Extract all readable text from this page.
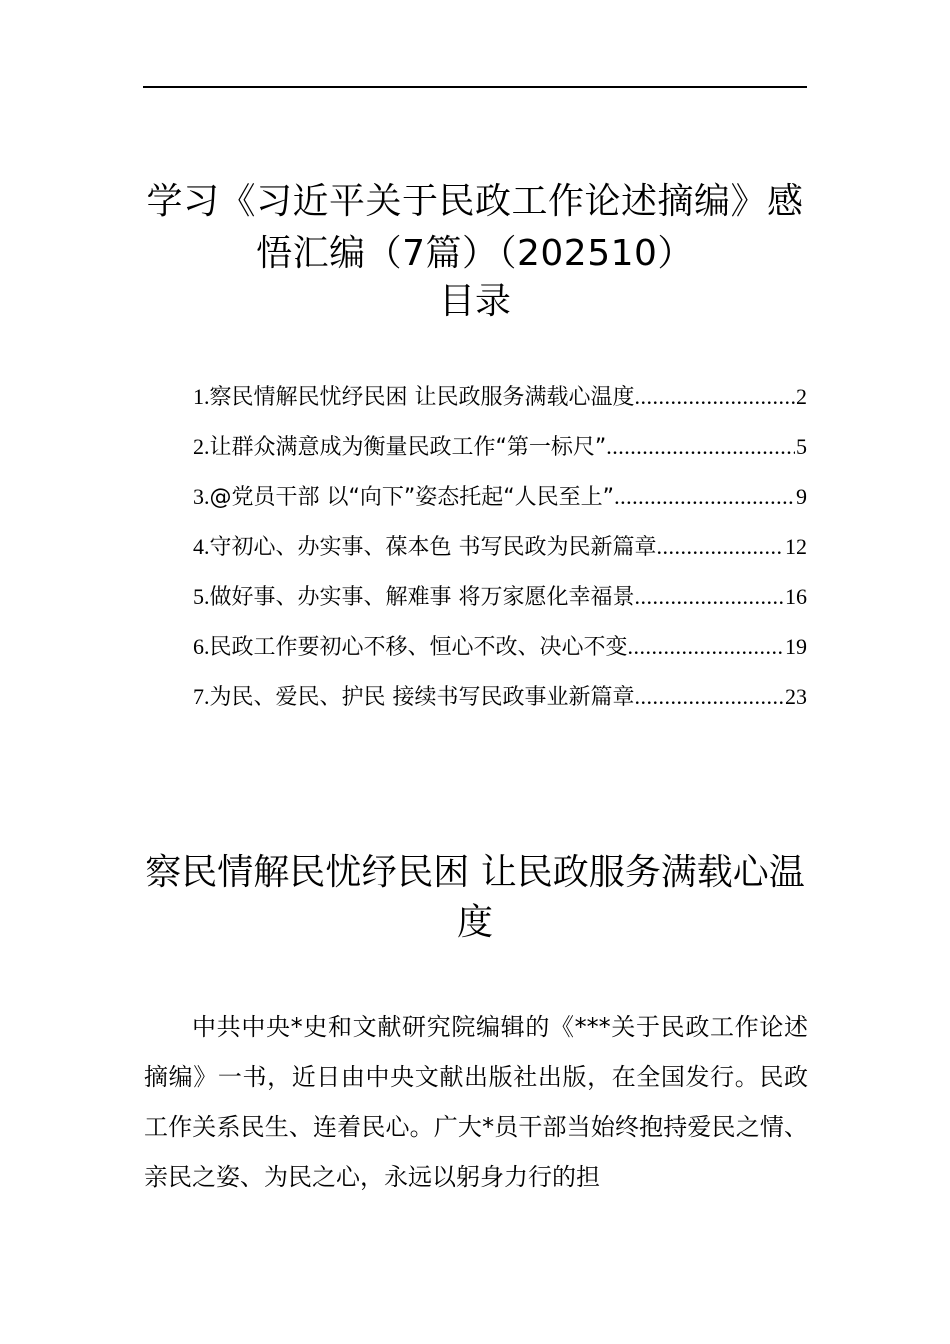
学习《习近平关于民政工作论述摘编》感
悟汇编（7篇）（202510）
目录
1. 察民情解民忧纾民困 让民政服务满载心温度 .....	2
2. 让群众满意成为衡量民政工作“第一标尺” .....	5
3. @党员干部 以“向下”姿态托起“人民至上” .....	9
4. 守初心、办实事、葆本色 书写民政为民新篇章 .....	12
5. 做好事、办实事、解难事 将万家愿化幸福景 .....	16
6. 民政工作要初心不移、恒心不改、决心不变 .....	19
7. 为民、爱民、护民 接续书写民政事业新篇章 .....	23
察民情解民忧纾民困 让民政服务满载心温
度

中共中央*史和文献研究院编辑的《***关于民政工作论述摘编》一书，近日由中央文献出版社出版，在全国发行。民政工作关系民生、连着民心。广大*员干部当始终抱持爱民之情、亲民之姿、为民之心，永远以躬身力行的担
